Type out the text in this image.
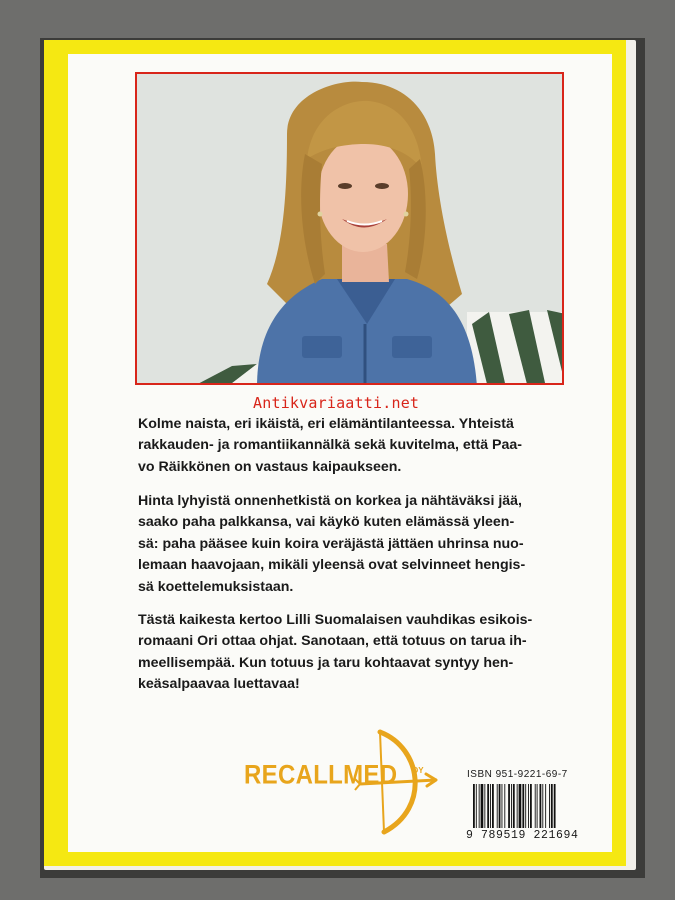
Antikvariaatti.net
Kolme naista, eri ikäistä, eri elämäntilanteessa. Yhteistä
rakkauden- ja romantiikannälkä sekä kuvitelma, että Paa-
vo Räikkönen on vastaus kaipaukseen.
Hinta lyhyistä onnenhetkistä on korkea ja nähtäväksi jää,
saako paha palkkansa, vai käykö kuten elämässä yleen-
sä: paha pääsee kuin koira veräjästä jättäen uhrinsa nuo-
lemaan haavojaan, mikäli yleensä ovat selvinneet hengis-
sä koettelemuksistaan.
Tästä kaikesta kertoo Lilli Suomalaisen vauhdikas esikois-
romaani Ori ottaa ohjat. Sanotaan, että totuus on tarua ih-
meellisempää. Kun totuus ja taru kohtaavat syntyy hen-
keäsalpaavaa luettavaa!
RECALLMED OY	ISBN 951-9221-69-7
9 789519 221694
